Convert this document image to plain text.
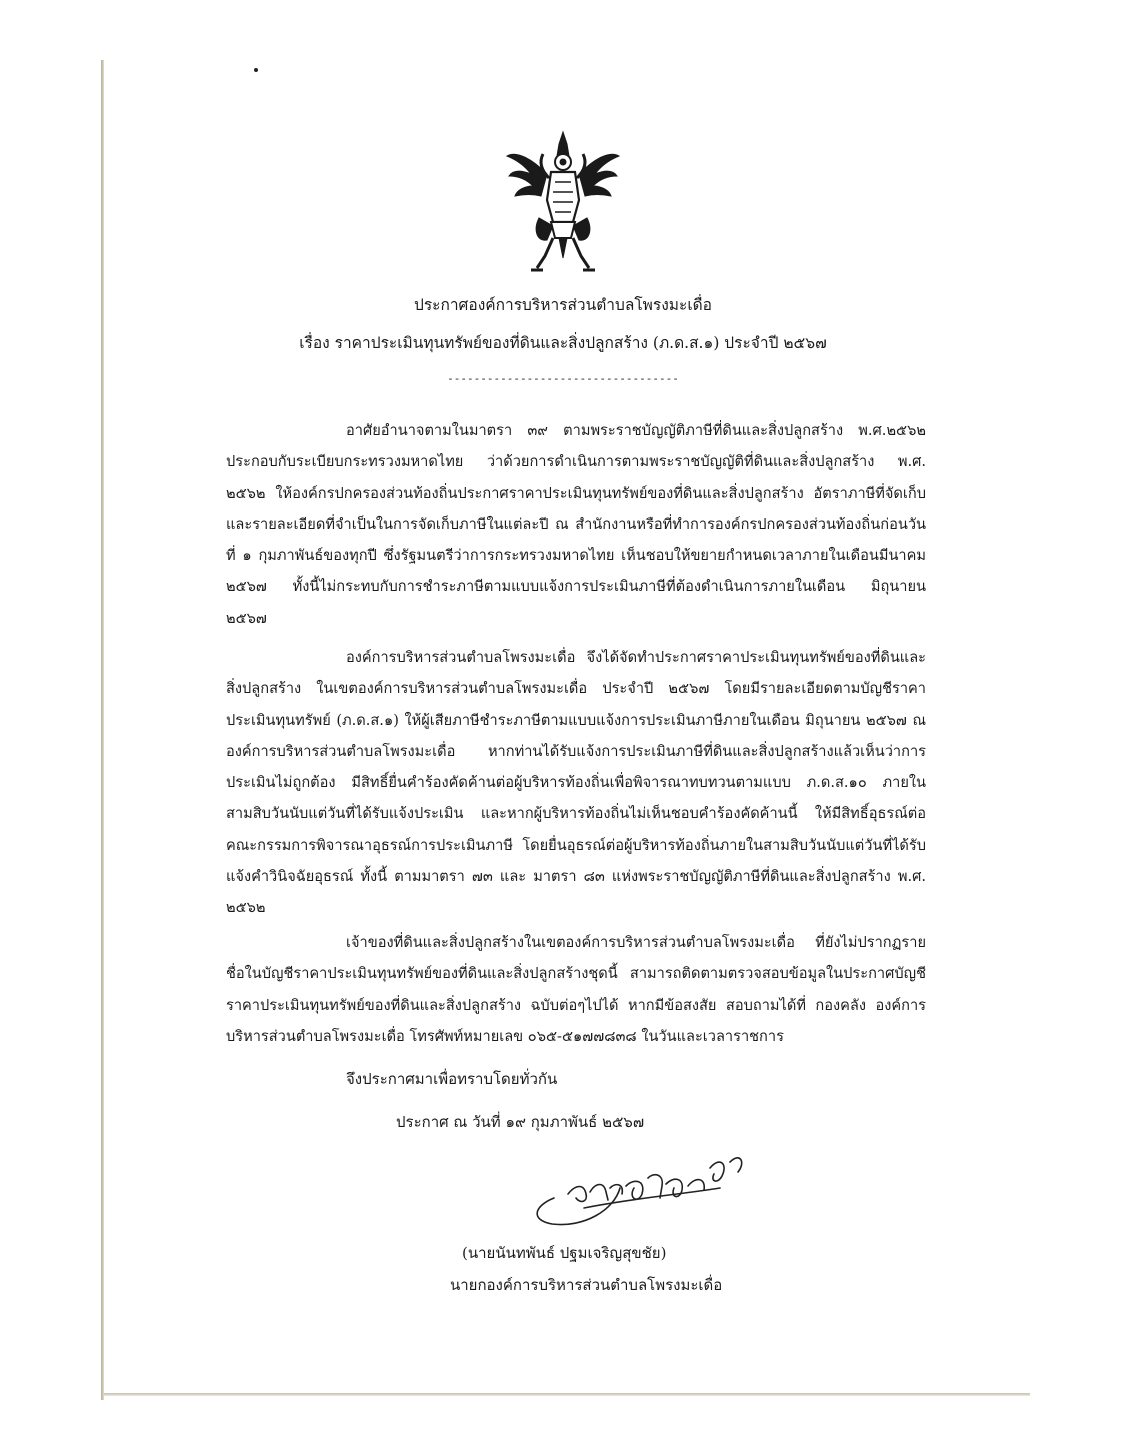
ประกาศองค์การบริหารส่วนตำบลโพรงมะเดื่อ
เรื่อง ราคาประเมินทุนทรัพย์ของที่ดินและสิ่งปลูกสร้าง (ภ.ด.ส.๑) ประจำปี ๒๕๖๗
-----------------------------------

อาศัยอำนาจตามในมาตรา ๓๙ ตามพระราชบัญญัติภาษีที่ดินและสิ่งปลูกสร้าง พ.ศ.๒๕๖๒ ประกอบกับระเบียบกระทรวงมหาดไทย ว่าด้วยการดำเนินการตามพระราชบัญญัติที่ดินและสิ่งปลูกสร้าง พ.ศ. ๒๕๖๒ ให้องค์กรปกครองส่วนท้องถิ่นประกาศราคาประเมินทุนทรัพย์ของที่ดินและสิ่งปลูกสร้าง อัตราภาษีที่จัดเก็บและรายละเอียดที่จำเป็นในการจัดเก็บภาษีในแต่ละปี ณ สำนักงานหรือที่ทำการองค์กรปกครองส่วนท้องถิ่นก่อนวันที่ ๑ กุมภาพันธ์ของทุกปี ซึ่งรัฐมนตรีว่าการกระทรวงมหาดไทย เห็นชอบให้ขยายกำหนดเวลาภายในเดือนมีนาคม ๒๕๖๗ ทั้งนี้ไม่กระทบกับการชำระภาษีตามแบบแจ้งการประเมินภาษีที่ต้องดำเนินการภายในเดือน มิถุนายน ๒๕๖๗

องค์การบริหารส่วนตำบลโพรงมะเดื่อ จึงได้จัดทำประกาศราคาประเมินทุนทรัพย์ของที่ดินและสิ่งปลูกสร้าง ในเขตองค์การบริหารส่วนตำบลโพรงมะเดื่อ ประจำปี ๒๕๖๗ โดยมีรายละเอียดตามบัญชีราคาประเมินทุนทรัพย์ (ภ.ด.ส.๑) ให้ผู้เสียภาษีชำระภาษีตามแบบแจ้งการประเมินภาษีภายในเดือน มิถุนายน ๒๕๖๗ ณ องค์การบริหารส่วนตำบลโพรงมะเดื่อ หากท่านได้รับแจ้งการประเมินภาษีที่ดินและสิ่งปลูกสร้างแล้วเห็นว่าการประเมินไม่ถูกต้อง มีสิทธิ์ยื่นคำร้องคัดค้านต่อผู้บริหารท้องถิ่นเพื่อพิจารณาทบทวนตามแบบ ภ.ด.ส.๑๐ ภายในสามสิบวันนับแต่วันที่ได้รับแจ้งประเมิน และหากผู้บริหารท้องถิ่นไม่เห็นชอบคำร้องคัดค้านนี้ ให้มีสิทธิ์อุธรณ์ต่อคณะกรรมการพิจารณาอุธรณ์การประเมินภาษี โดยยื่นอุธรณ์ต่อผู้บริหารท้องถิ่นภายในสามสิบวันนับแต่วันที่ได้รับแจ้งคำวินิจฉัยอุธรณ์ ทั้งนี้ ตามมาตรา ๗๓ และ มาตรา ๘๓ แห่งพระราชบัญญัติภาษีที่ดินและสิ่งปลูกสร้าง พ.ศ. ๒๕๖๒

เจ้าของที่ดินและสิ่งปลูกสร้างในเขตองค์การบริหารส่วนตำบลโพรงมะเดื่อ ที่ยังไม่ปรากฏรายชื่อในบัญชีราคาประเมินทุนทรัพย์ของที่ดินและสิ่งปลูกสร้างชุดนี้ สามารถติดตามตรวจสอบข้อมูลในประกาศบัญชีราคาประเมินทุนทรัพย์ของที่ดินและสิ่งปลูกสร้าง ฉบับต่อๆไปได้ หากมีข้อสงสัย สอบถามได้ที่ กองคลัง องค์การบริหารส่วนตำบลโพรงมะเดื่อ โทรศัพท์หมายเลข ๐๖๕-๕๑๗๗๘๓๘ ในวันและเวลาราชการ

จึงประกาศมาเพื่อทราบโดยทั่วกัน
ประกาศ ณ วันที่ ๑๙ กุมภาพันธ์ ๒๕๖๗
(นายนันทพันธ์ ปฐมเจริญสุขชัย)
นายกองค์การบริหารส่วนตำบลโพรงมะเดื่อ
